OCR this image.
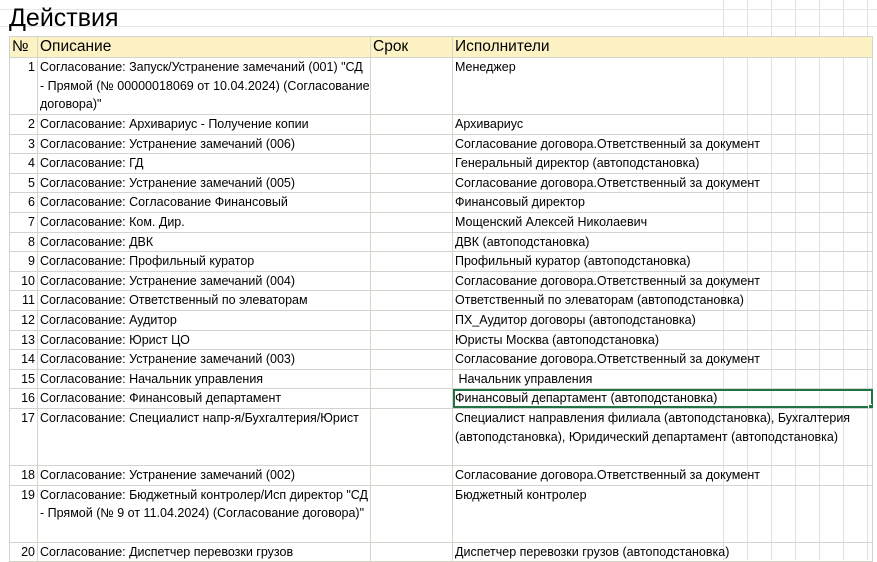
Действия
№	Описание	Срок	Исполнители
1	Согласование: Запуск/Устранение замечаний (001) "СД - Прямой (№ 00000018069 от 10.04.2024) (Согласование договора)"		Менеджер
2	Согласование: Архивариус - Получение копии		Архивариус
3	Согласование: Устранение замечаний (006)		Согласование договора.Ответственный за документ
4	Согласование: ГД		Генеральный директор (автоподстановка)
5	Согласование: Устранение замечаний (005)		Согласование договора.Ответственный за документ
6	Согласование: Согласование Финансовый		Финансовый директор
7	Согласование: Ком. Дир.		Мощенский Алексей Николаевич
8	Согласование: ДВК		ДВК (автоподстановка)
9	Согласование: Профильный куратор		Профильный куратор (автоподстановка)
10	Согласование: Устранение замечаний (004)		Согласование договора.Ответственный за документ
11	Согласование: Ответственный по элеваторам		Ответственный по элеваторам (автоподстановка)
12	Согласование: Аудитор		ПХ_Аудитор договоры (автоподстановка)
13	Согласование: Юрист ЦО		Юристы Москва (автоподстановка)
14	Согласование: Устранение замечаний (003)		Согласование договора.Ответственный за документ
15	Согласование: Начальник управления		Начальник управления
16	Согласование: Финансовый департамент		Финансовый департамент (автоподстановка)

17	Согласование: Специалист напр-я/Бухгалтерия/Юрист		Специалист направления филиала (автоподстановка), Бухгалтерия (автоподстановка), Юридический департамент (автоподстановка)
18	Согласование: Устранение замечаний (002)		Согласование договора.Ответственный за документ
19	Согласование: Бюджетный контролер/Исп директор "СД - Прямой (№ 9 от 11.04.2024) (Согласование договора)"		Бюджетный контролер
20	Согласование: Диспетчер перевозки грузов		Диспетчер перевозки грузов (автоподстановка)
